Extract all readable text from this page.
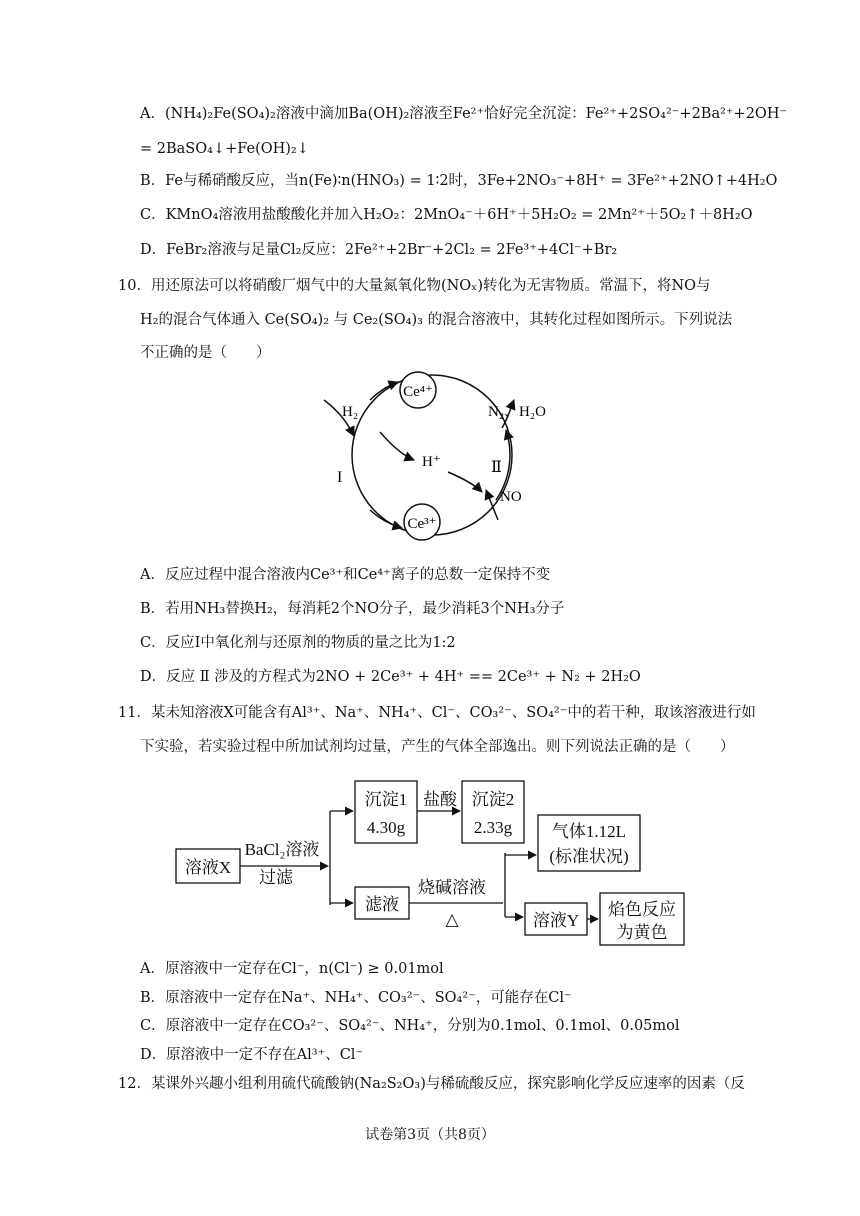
A．(NH₄)₂Fe(SO₄)₂溶液中滴加Ba(OH)₂溶液至Fe²⁺恰好完全沉淀：Fe²⁺+2SO₄²⁻+2Ba²⁺+2OH⁻
= 2BaSO₄↓+Fe(OH)₂↓
B．Fe与稀硝酸反应，当n(Fe)∶n(HNO₃) = 1∶2时，3Fe+2NO₃⁻+8H⁺ = 3Fe²⁺+2NO↑+4H₂O
C．KMnO₄溶液用盐酸酸化并加入H₂O₂：2MnO₄⁻＋6H⁺＋5H₂O₂ = 2Mn²⁺＋5O₂↑＋8H₂O
D．FeBr₂溶液与足量Cl₂反应：2Fe²⁺+2Br⁻+2Cl₂ = 2Fe³⁺+4Cl⁻+Br₂
10．用还原法可以将硝酸厂烟气中的大量氮氧化物(NOₓ)转化为无害物质。常温下，将NO与
H₂的混合气体通入 Ce(SO₄)₂ 与 Ce₂(SO₄)₃ 的混合溶液中，其转化过程如图所示。下列说法
不正确的是（　　）
Ce⁴⁺
Ce³⁺
H₂
H⁺
N₂、H₂O
NO
I
Ⅱ
A．反应过程中混合溶液内Ce³⁺和Ce⁴⁺离子的总数一定保持不变
B．若用NH₃替换H₂，每消耗2个NO分子，最少消耗3个NH₃分子
C．反应I中氧化剂与还原剂的物质的量之比为1:2
D．反应 Ⅱ 涉及的方程式为2NO + 2Ce³⁺ + 4H⁺ == 2Ce³⁺ + N₂ + 2H₂O
11．某未知溶液X可能含有Al³⁺、Na⁺、NH₄⁺、Cl⁻、CO₃²⁻、SO₄²⁻中的若干种，取该溶液进行如
下实验，若实验过程中所加试剂均过量，产生的气体全部逸出。则下列说法正确的是（　　）
溶液X
BaCl₂溶液
过滤
沉淀1
4.30g
盐酸 沉淀2
2.33g
滤液
烧碱溶液
△
气体1.12L
(标准状况)
溶液Y
焰色反应
为黄色
A．原溶液中一定存在Cl⁻，n(Cl⁻) ≥ 0.01mol
B．原溶液中一定存在Na⁺、NH₄⁺、CO₃²⁻、SO₄²⁻，可能存在Cl⁻
C．原溶液中一定存在CO₃²⁻、SO₄²⁻、NH₄⁺，分别为0.1mol、0.1mol、0.05mol
D．原溶液中一定不存在Al³⁺、Cl⁻
12．某课外兴趣小组利用硫代硫酸钠(Na₂S₂O₃)与稀硫酸反应，探究影响化学反应速率的因素（反
试卷第3页（共8页）
